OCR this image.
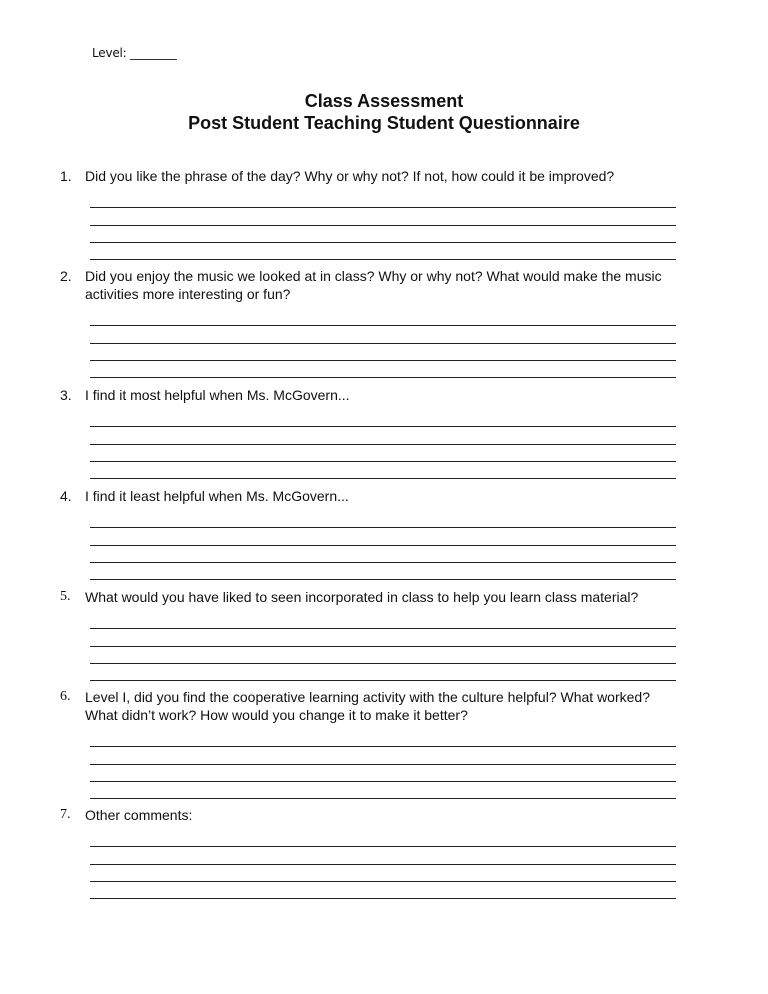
Level: ________
Class Assessment
Post Student Teaching Student Questionnaire
1. Did you like the phrase of the day? Why or why not? If not, how could it be improved?
2. Did you enjoy the music we looked at in class? Why or why not? What would make the music
activities more interesting or fun?
3. I find it most helpful when Ms. McGovern...
4. I find it least helpful when Ms. McGovern...
5.	What would you have liked to seen incorporated in class to help you learn class material?
6.	Level I, did you find the cooperative learning activity with the culture helpful? What worked?
What didn’t work? How would you change it to make it better?
7.	Other comments:
